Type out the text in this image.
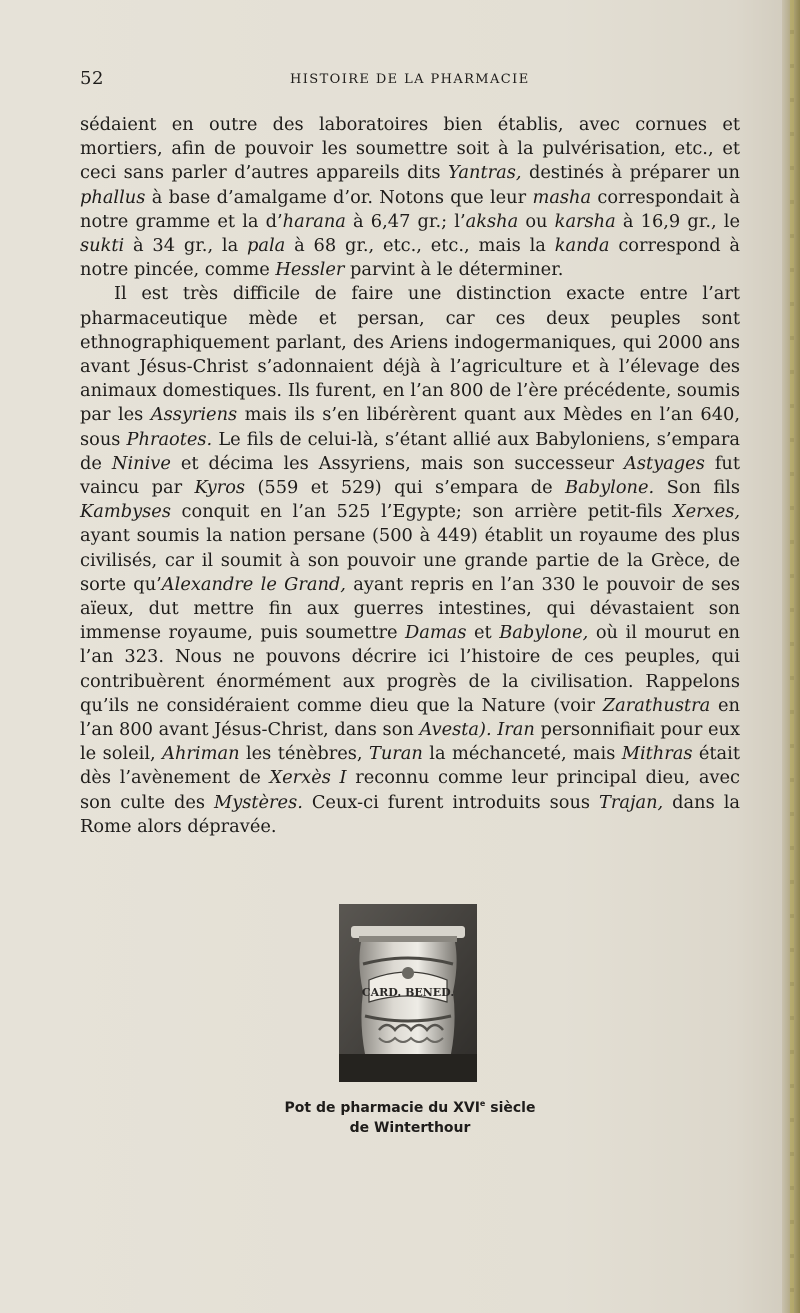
52	HISTOIRE DE LA PHARMACIE

sédaient en outre des laboratoires bien établis, avec cornues et mortiers, afin de pouvoir les soumettre soit à la pulvérisation, etc., et ceci sans parler d’autres appareils dits Yantras, destinés à préparer un phallus à base d’amalgame d’or. Notons que leur masha correspondait à notre gramme et la d’harana à 6,47 gr.; l’aksha ou karsha à 16,9 gr., le sukti à 34 gr., la pala à 68 gr., etc., etc., mais la kanda correspond à notre pincée, comme Hessler parvint à le déterminer.

Il est très difficile de faire une distinction exacte entre l’art pharmaceutique mède et persan, car ces deux peuples sont ethnographiquement parlant, des Ariens indogermaniques, qui 2000 ans avant Jésus-Christ s’adonnaient déjà à l’agriculture et à l’élevage des animaux domestiques. Ils furent, en l’an 800 de l’ère précédente, soumis par les Assyriens mais ils s’en libérèrent quant aux Mèdes en l’an 640, sous Phraotes. Le fils de celui-là, s’étant allié aux Babyloniens, s’empara de Ninive et décima les Assyriens, mais son successeur Astyages fut vaincu par Kyros (559 et 529) qui s’empara de Babylone. Son fils Kambyses conquit en l’an 525 l’Egypte; son arrière petit-fils Xerxes, ayant soumis la nation persane (500 à 449) établit un royaume des plus civilisés, car il soumit à son pouvoir une grande partie de la Grèce, de sorte qu’Alexandre le Grand, ayant repris en l’an 330 le pouvoir de ses aïeux, dut mettre fin aux guerres intestines, qui dévastaient son immense royaume, puis soumettre Damas et Babylone, où il mourut en l’an 323. Nous ne pouvons décrire ici l’histoire de ces peuples, qui contribuèrent énormément aux progrès de la civilisation. Rappelons qu’ils ne considéraient comme dieu que la Nature (voir Zarathustra en l’an 800 avant Jésus-Christ, dans son Avesta). Iran personnifiait pour eux le soleil, Ahriman les ténèbres, Turan la méchanceté, mais Mithras était dès l’avènement de Xerxès I reconnu comme leur principal dieu, avec son culte des Mystères. Ceux-ci furent introduits sous Trajan, dans la Rome alors dépravée.

CARD. BENED.
Pot de pharmacie du XVIe siècle
de Winterthour
